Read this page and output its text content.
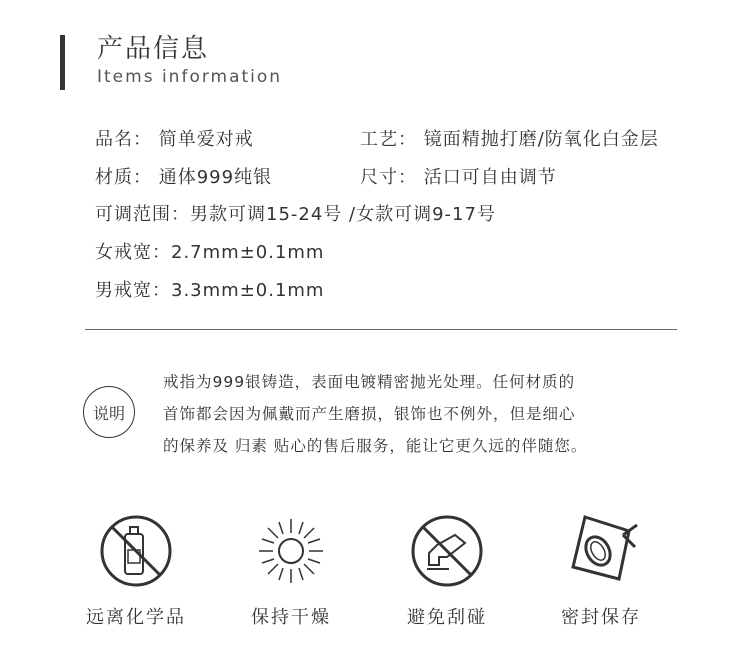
产品信息
Items information
品名： 简单爱对戒	工艺： 镜面精抛打磨/防氧化白金层
材质： 通体999纯银	尺寸： 活口可自由调节
可调范围：男款可调15-24号 /女款可调9-17号
女戒宽：2.7mm±0.1mm
男戒宽：3.3mm±0.1mm
说明
戒指为999银铸造，表面电镀精密抛光处理。任何材质的
首饰都会因为佩戴而产生磨损，银饰也不例外，但是细心
的保养及 归素 贴心的售后服务，能让它更久远的伴随您。
远离化学品	保持干燥	避免刮碰	密封保存
